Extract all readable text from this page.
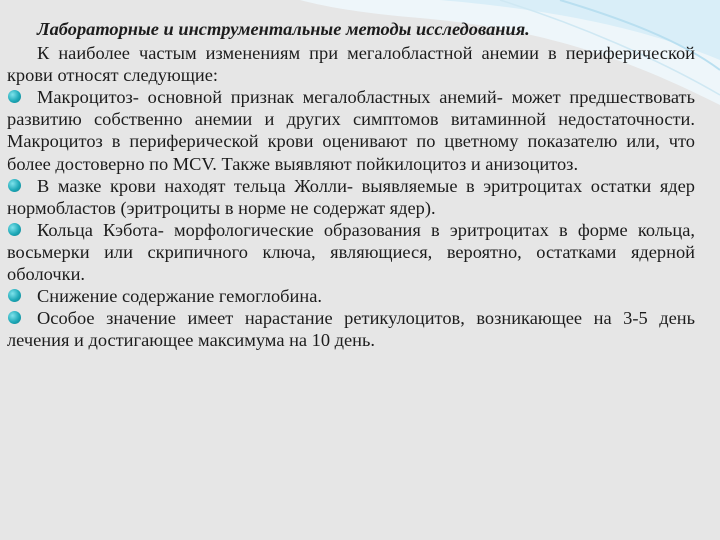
Лабораторные и инструментальные методы исследования.

К наиболее частым изменениям при мегалобластной анемии в периферической крови относят следующие:

Макроцитоз- основной признак мегалобластных анемий- может предшествовать развитию собственно анемии и других симптомов витаминной недостаточности. Макроцитоз в периферической крови оценивают по цветному показателю или, что более достоверно по MCV. Также выявляют пойкилоцитоз и анизоцитоз.
В мазке крови находят тельца Жолли- выявляемые в эритроцитах остатки ядер нормобластов (эритроциты в норме не содержат ядер).
Кольца Кэбота- морфологические образования в эритроцитах в форме кольца, восьмерки или скрипичного ключа, являющиеся, вероятно, остатками ядерной оболочки.
Снижение содержание гемоглобина.
Особое значение имеет нарастание ретикулоцитов, возникающее на 3-5 день лечения и достигающее максимума на 10 день.
